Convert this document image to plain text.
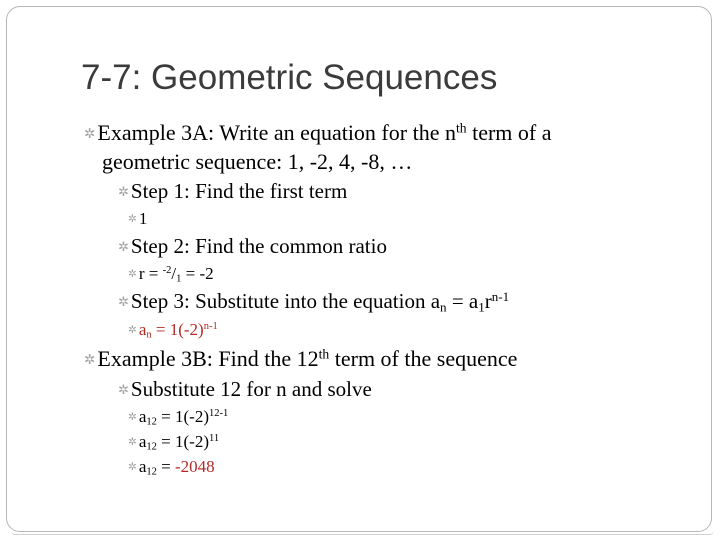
7-7: Geometric Sequences
✲Example 3A: Write an equation for the $n^{th}$ term of a
geometric sequence: 1, -2, 4, -8, …
✲Step 1: Find the first term
✲ 1
✲Step 2: Find the common ratio
✲ $r = ^{-2}/_1 = -2$
✲Step 3: Substitute into the equation $a_n = a_1r^{n-1}$
✲ $a_n = 1(-2)^{n-1}$
✲Example 3B: Find the 12th term of the sequence
✲Substitute 12 for n and solve
✲ $a_{12} = 1(-2)^{12-1}$
✲ $a_{12} = 1(-2)^{11}$
✲ $a_{12} = -2048$
